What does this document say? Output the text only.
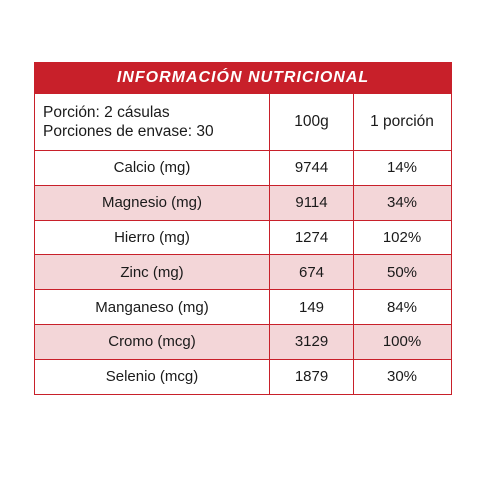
INFORMACIÓN NUTRICIONAL
Porción: 2 cásulas
Porciones de envase: 30
100g	1 porción
Calcio (mg)	9744	14%
Magnesio (mg)	9114	34%
Hierro (mg)	1274	102%
Zinc (mg)	674	50%
Manganeso (mg)	149	84%
Cromo (mcg)	3129	100%
Selenio (mcg)	1879	30%
